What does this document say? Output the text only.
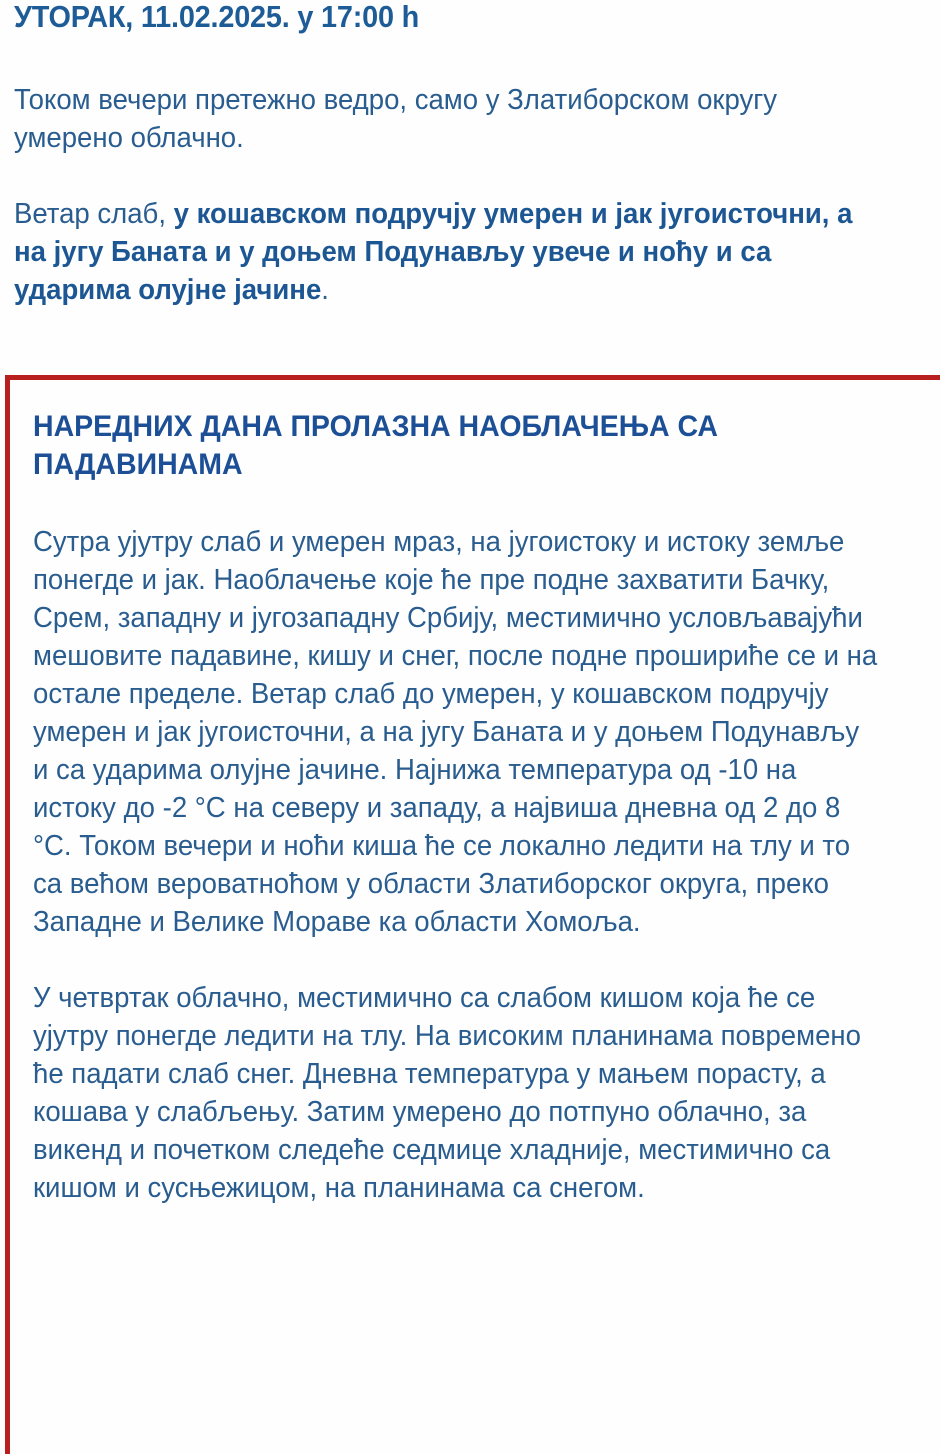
УТОРАК, 11.02.2025. у 17:00 h

Током вечери претежно ведро, само у Златиборском округу умерено облачно.

Ветар слаб, у кошавском подручју умерен и јак југоисточни, а на југу Баната и у доњем Подунављу увече и ноћу и са ударима олујне јачине.

НАРЕДНИХ ДАНА ПРОЛАЗНА НАОБЛАЧЕЊА СА ПАДАВИНАМА

Сутра ујутру слаб и умерен мраз, на југоистоку и истоку земље понегде и јак. Наоблачење које ће пре подне захватити Бачку, Срем, западну и југозападну Србију, местимично условљавајући мешовите падавине, кишу и снег, после подне прошириће се и на остале пределе. Ветар слаб до умерен, у кошавском подручју умерен и јак југоисточни, а на југу Баната и у доњем Подунављу и са ударима олујне јачине. Најнижа температура од -10 на истоку до -2 °C на северу и западу, а највиша дневна од 2 до 8 °C. Током вечери и ноћи киша ће се локално ледити на тлу и то са већом вероватноћом у области Златиборског округа, преко Западне и Велике Мораве ка области Хомоља.

У четвртак облачно, местимично са слабом кишом која ће се ујутру понегде ледити на тлу. На високим планинама повремено ће падати слаб снег. Дневна температура у мањем порасту, а кошава у слабљењу. Затим умерено до потпуно облачно, за викенд и почетком следеће седмице хладније, местимично са кишом и сусњежицом, на планинама са снегом.
